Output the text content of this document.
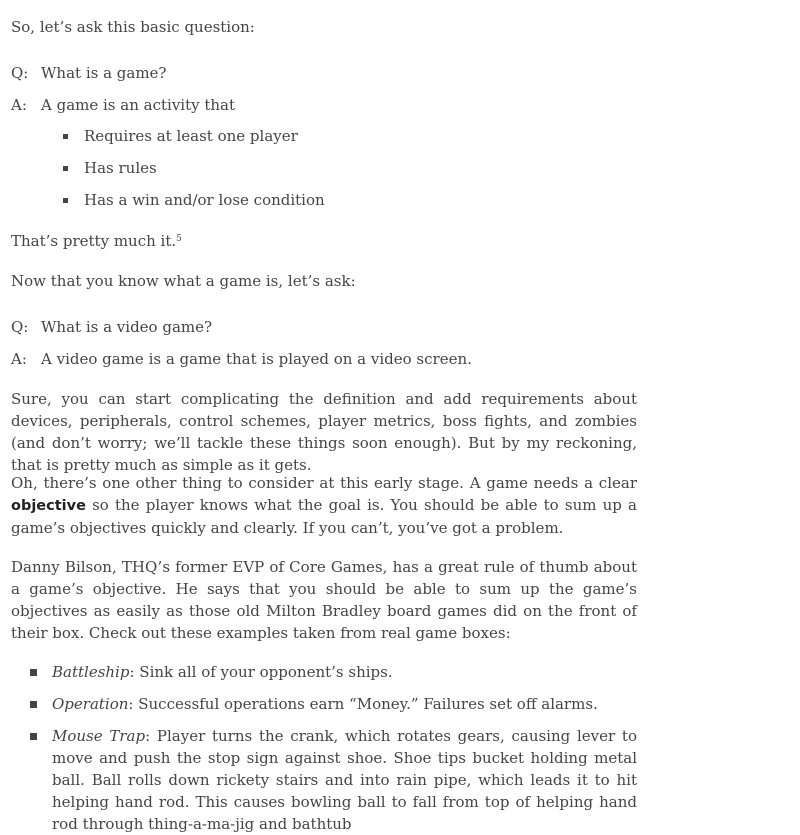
So, let’s ask this basic question:

Q: What is a game?

A: A game is an activity that

Requires at least one player

Has rules

Has a win and/or lose condition

That’s pretty much it.$^5$

Now that you know what a game is, let’s ask:

Q: What is a video game?

A: A video game is a game that is played on a video screen.

Sure, you can start complicating the definition and add requirements about devices, peripherals, control schemes, player metrics, boss fights, and zombies (and don’t worry; we’ll tackle these things soon enough). But by my reckoning, that is pretty much as simple as it gets.

Oh, there’s one other thing to consider at this early stage. A game needs a clear objective so the player knows what the goal is. You should be able to sum up a game’s objectives quickly and clearly. If you can’t, you’ve got a problem.

Danny Bilson, THQ’s former EVP of Core Games, has a great rule of thumb about a game’s objective. He says that you should be able to sum up the game’s objectives as easily as those old Milton Bradley board games did on the front of their box. Check out these examples taken from real game boxes:

Battleship: Sink all of your opponent’s ships.

Operation: Successful operations earn “Money.” Failures set off alarms.

Mouse Trap: Player turns the crank, which rotates gears, causing lever to move and push the stop sign against shoe. Shoe tips bucket holding metal ball. Ball rolls down rickety stairs and into rain pipe, which leads it to hit helping hand rod. This causes bowling ball to fall from top of helping hand rod through thing-a-ma-jig and bathtub
